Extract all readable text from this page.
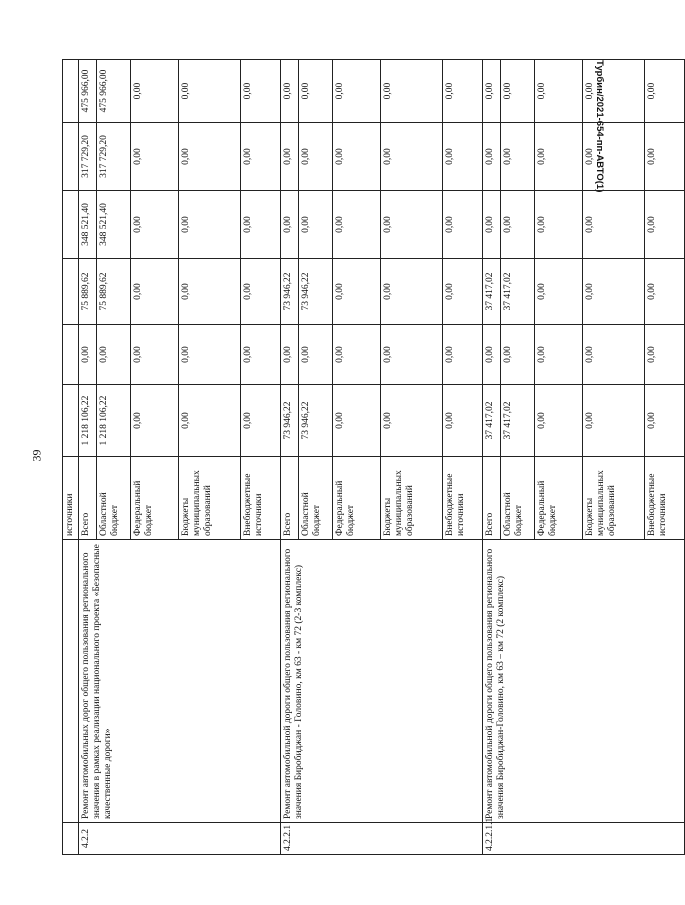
39
Турбин/2021-654-пп-АВТО(1)
		источники						
4.2.2	Ремонт автомобильных дорог общего пользования регионального значения в рамках реализации национального проекта «Безопасные качественные дороги»	Всего	1 218 106,22	0,00	75 889,62	348 521,40	317 729,20	475 966,00
		Областной бюджет	1 218 106,22	0,00	75 889,62	348 521,40	317 729,20	475 966,00
		Федеральный бюджет	0,00	0,00	0,00	0,00	0,00	0,00
		Бюджеты муниципальных образований	0,00	0,00	0,00	0,00	0,00	0,00
		Внебюджетные источники	0,00	0,00	0,00	0,00	0,00	0,00
4.2.2.1	Ремонт автомобильной дороги общего пользования регионального значения Биробиджан - Головино, км 63 - км 72 (2-3 комплекс)	Всего	73 946,22	0,00	73 946,22	0,00	0,00	0,00
		Областной бюджет	73 946,22	0,00	73 946,22	0,00	0,00	0,00
		Федеральный бюджет	0,00	0,00	0,00	0,00	0,00	0,00
		Бюджеты муниципальных образований	0,00	0,00	0,00	0,00	0,00	0,00
		Внебюджетные источники	0,00	0,00	0,00	0,00	0,00	0,00
4.2.2.1.1	Ремонт автомобильной дороги общего пользования регионального значения Биробиджан-Головино, км 63 – км 72 (2 комплекс)	Всего	37 417,02	0,00	37 417,02	0,00	0,00	0,00
		Областной бюджет	37 417,02	0,00	37 417,02	0,00	0,00	0,00
		Федеральный бюджет	0,00	0,00	0,00	0,00	0,00	0,00
		Бюджеты муниципальных образований	0,00	0,00	0,00	0,00	0,00	0,00
		Внебюджетные источники	0,00	0,00	0,00	0,00	0,00	0,00
